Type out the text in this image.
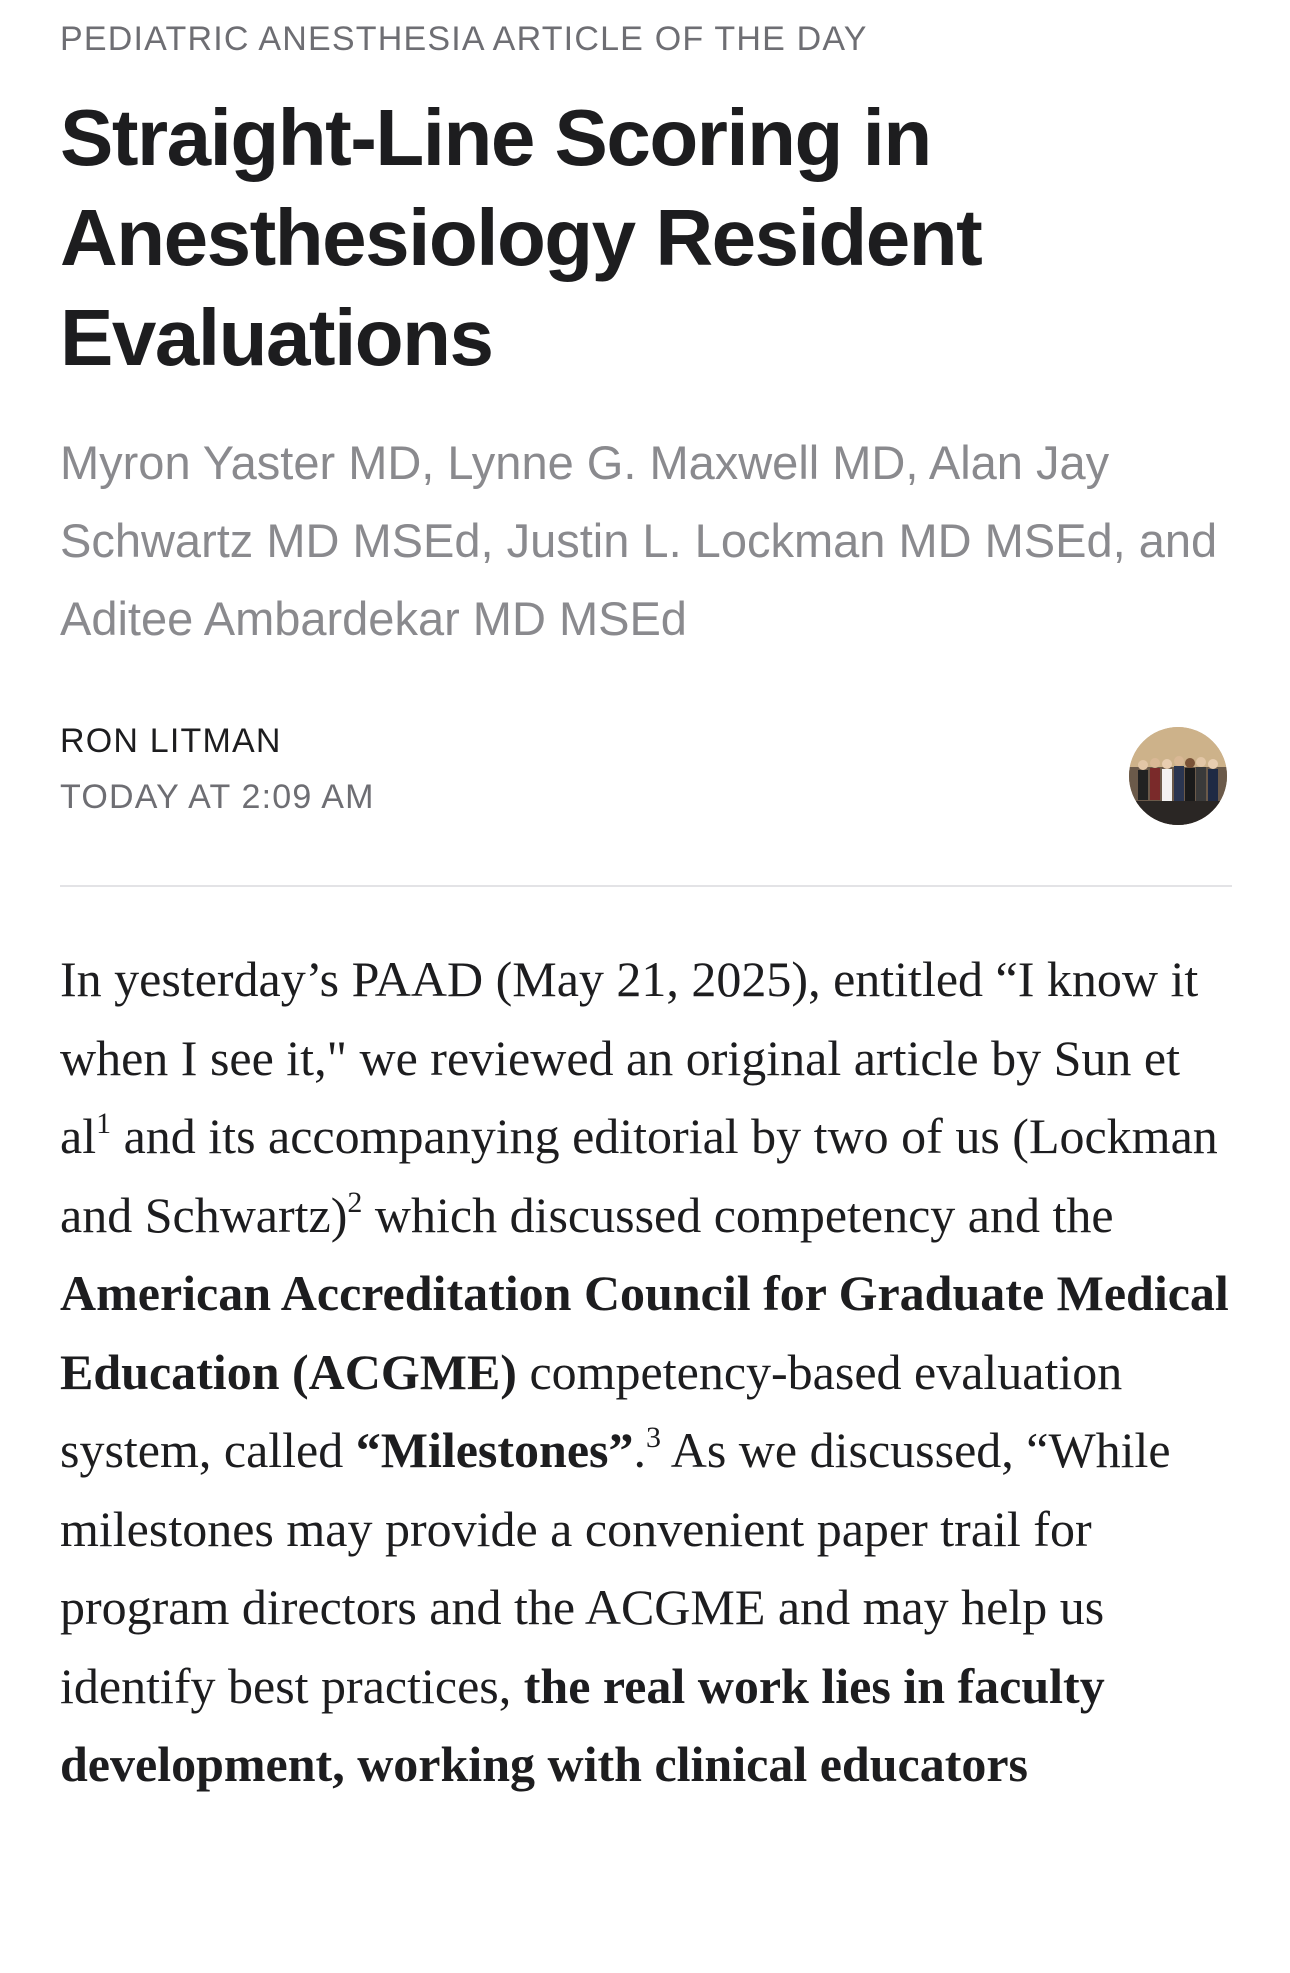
PEDIATRIC ANESTHESIA ARTICLE OF THE DAY
Straight-Line Scoring in Anesthesiology Resident Evaluations
Myron Yaster MD, Lynne G. Maxwell MD, Alan Jay Schwartz MD MSEd, Justin L. Lockman MD MSEd, and Aditee Ambardekar MD MSEd
RON LITMAN
TODAY AT 2:09 AM

In yesterday’s PAAD (May 21, 2025), entitled “I know it when I see it," we reviewed an original article by Sun et $al^1$ and its accompanying editorial by two of us (Lockman and Schwartz)$^2$ which discussed competency and the American Accreditation Council for Graduate Medical Education (ACGME) competency-based evaluation system, called “Milestones”.$^3$ As we discussed, “While milestones may provide a convenient paper trail for program directors and the ACGME and may help us identify best practices, the real work lies in faculty development, working with clinical educators
